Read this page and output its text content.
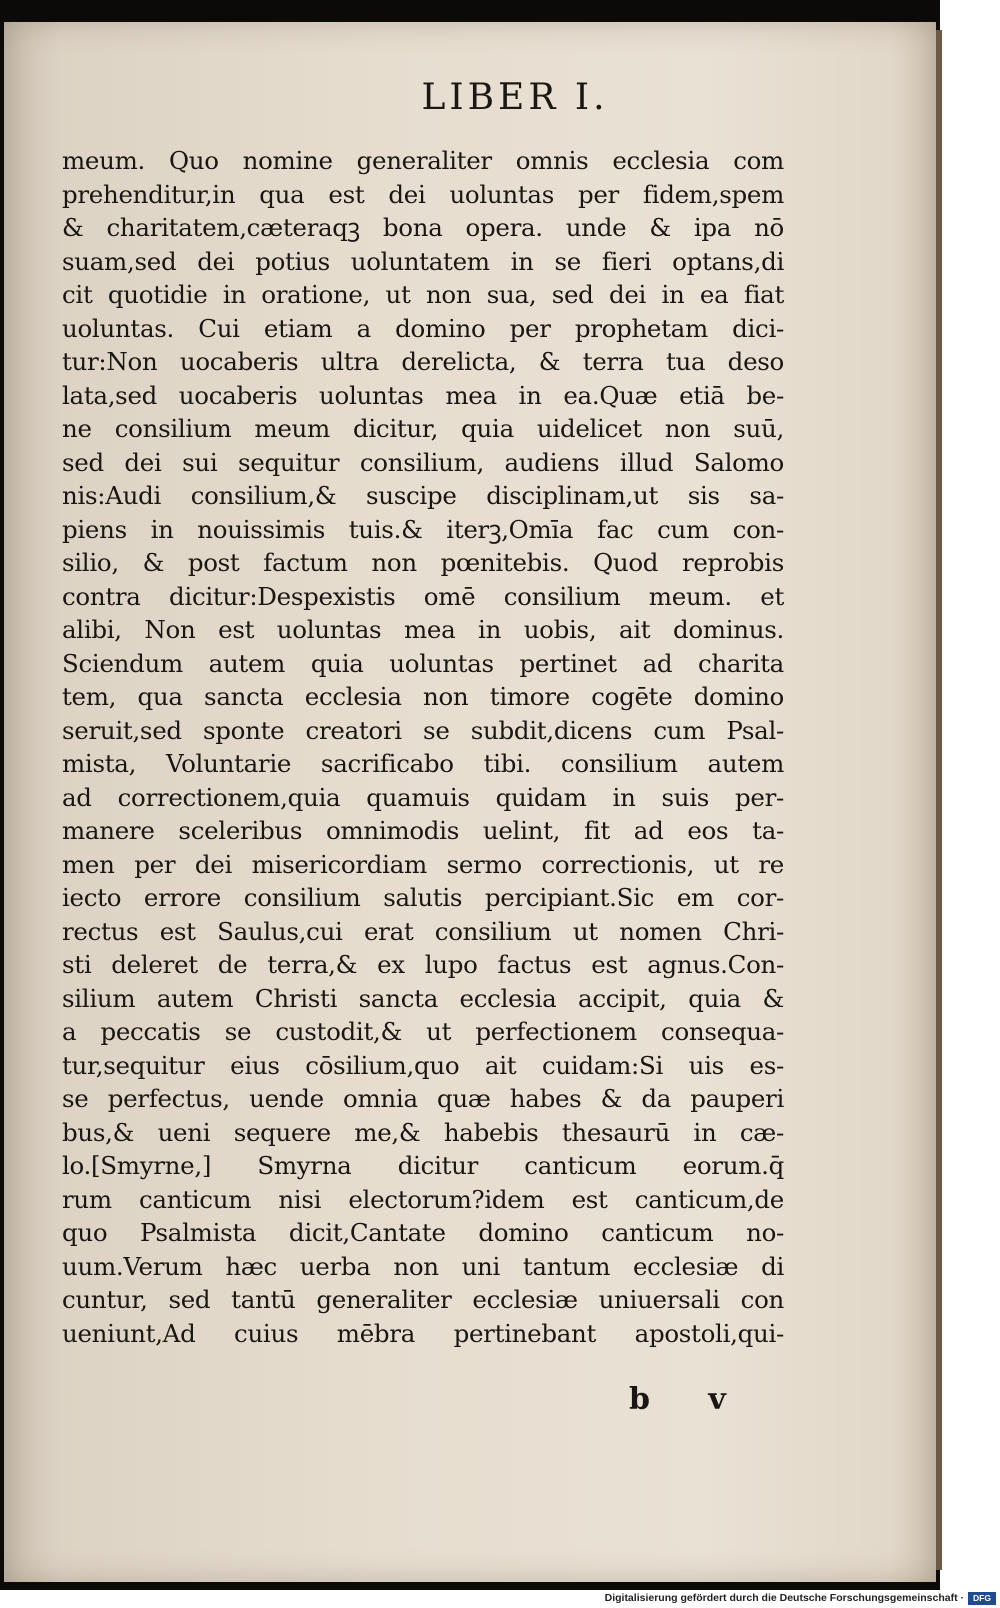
LIBER I.
meum. Quo nomine generaliter omnis ecclesia com
prehenditur,in qua est dei uoluntas per fidem,spem
& charitatem,cæteraqꝫ bona opera. unde & ipa nō
suam,sed dei potius uoluntatem in se fieri optans,di
cit quotidie in oratione, ut non sua, sed dei in ea fiat
uoluntas. Cui etiam a domino per prophetam dici-
tur:Non uocaberis ultra derelicta, & terra tua deso
lata,sed uocaberis uoluntas mea in ea.Quæ etiā be-
ne consilium meum dicitur, quia uidelicet non suū,
sed dei sui sequitur consilium, audiens illud Salomo
nis:Audi consilium,& suscipe disciplinam,ut sis sa-
piens in nouissimis tuis.& iterꝫ,Omīa fac cum con-
silio, & post factum non pœnitebis. Quod reprobis
contra dicitur:Despexistis omē consilium meum. et
alibi, Non est uoluntas mea in uobis, ait dominus.
Sciendum autem quia uoluntas pertinet ad charita
tem, qua sancta ecclesia non timore cogēte domino
seruit,sed sponte creatori se subdit,dicens cum Psal-
mista, Voluntarie sacrificabo tibi. consilium autem
ad correctionem,quia quamuis quidam in suis per-
manere sceleribus omnimodis uelint, fit ad eos ta-
men per dei misericordiam sermo correctionis, ut re
iecto errore consilium salutis percipiant.Sic em cor-
rectus est Saulus,cui erat consilium ut nomen Chri-
sti deleret de terra,& ex lupo factus est agnus.Con-
silium autem Christi sancta ecclesia accipit, quia &
a peccatis se custodit,& ut perfectionem consequa-
tur,sequitur eius cōsilium,quo ait cuidam:Si uis es-
se perfectus, uende omnia quæ habes & da pauperi
bus,& ueni sequere me,& habebis thesaurū in cæ-
lo.[Smyrne,] Smyrna dicitur canticum eorum.q̄
rum canticum nisi electorum?idem est canticum,de
quo Psalmista dicit,Cantate domino canticum no-
uum.Verum hæc uerba non uni tantum ecclesiæ di
cuntur, sed tantū generaliter ecclesiæ uniuersali con
ueniunt,Ad cuius mēbra pertinebant apostoli,qui-
b v
Digitalisierung gefördert durch die Deutsche Forschungsgemeinschaft ·	DFG
